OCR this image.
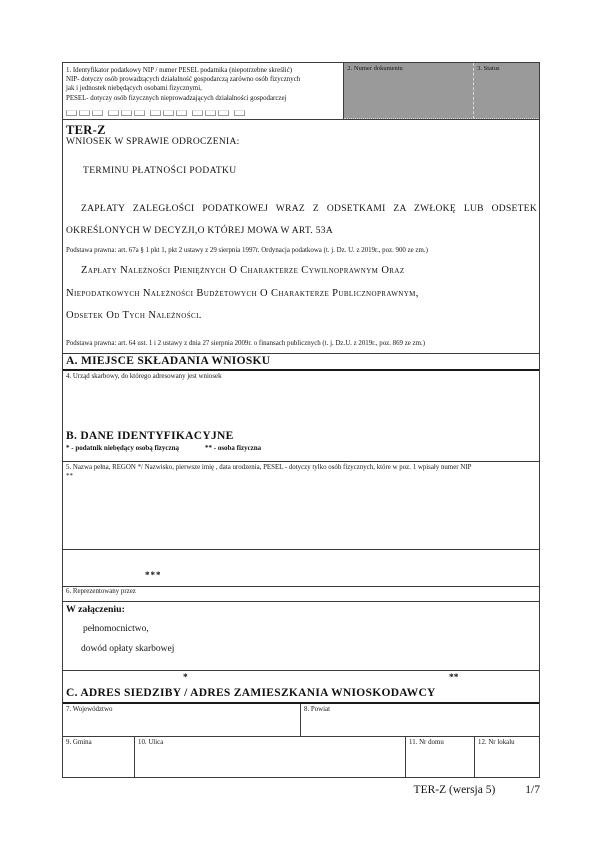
1. Identyfikator podatkowy NIP / numer PESEL podatnika (niepotrzebne skreślić)
NIP- dotyczy osób prowadzących działalność gospodarczą zarówno osób fizycznych
jak i jednostek niebędących osobami fizycznymi,
PESEL- dotyczy osób fizycznych nieprowadzających działalności gospodarczej
2. Numer dokumentu	3. Status
TER-Z
WNIOSEK W SPRAWIE ODROCZENIA:
TERMINU PŁATNOŚCI PODATKU
ZAPŁATY ZALEGŁOŚCI PODATKOWEJ WRAZ Z ODSETKAMI ZA ZWŁOKĘ LUB ODSETEK
OKREŚLONYCH W DECYZJI,O KTÓREJ MOWA W ART. 53A
Podstawa prawna: art. 67a § 1 pkt 1, pkt 2 ustawy z 29 sierpnia 1997r. Ordynacja podatkowa (t. j. Dz. U. z 2019r., poz. 900 ze zm.)
Zapłaty Należności Pieniężnych O Charakterze Cywilnoprawnym Oraz
Niepodatkowych Należności Budżetowych O Charakterze Publicznoprawnym,
Odsetek Od Tych Należności.
Podstawa prawna: art. 64 ust. 1 i 2 ustawy z dnia 27 sierpnia 2009r. o finansach publicznych (t. j. Dz.U. z 2019r., poz. 869 ze zm.)
A. MIEJSCE SKŁADANIA WNIOSKU
4. Urząd skarbowy, do którego adresowany jest wniosek
B. DANE IDENTYFIKACYJNE
* - podatnik niebędący osobą fizyczną	** - osoba fizyczna
5. Nazwa pełna, REGON */ Nazwisko, pierwsze imię , data urodzenia, PESEL - dotyczy tylko osób fizycznych, które w poz. 1 wpisały numer NIP
**
***
6. Reprezentowany przez
W załączeniu:
pełnomocnictwo,
dowód opłaty skarbowej
*	**
C. ADRES SIEDZIBY / ADRES ZAMIESZKANIA WNIOSKODAWCY
7. Województwo	8. Powiat
9. Gmina	10. Ulica	11. Nr domu	12. Nr lokalu
TER-Z (wersja 5)	1/7
